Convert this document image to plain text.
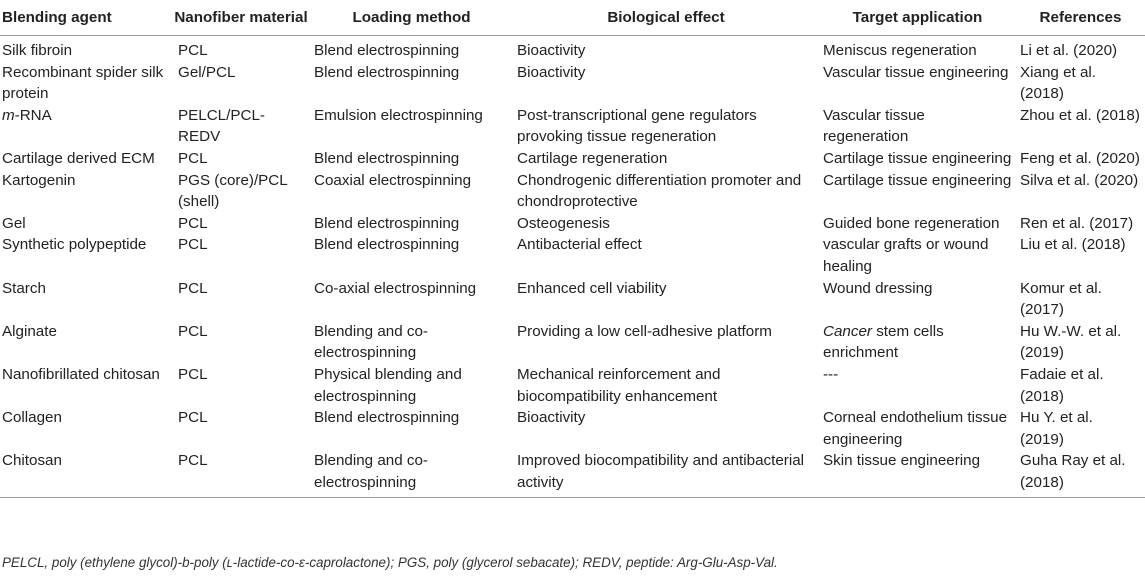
Blending agent	Nanofiber material	Loading method	Biological effect	Target application	References
Silk fibroin	PCL	Blend electrospinning	Bioactivity	Meniscus regeneration	Li et al. (2020)
Recombinant spider silk protein	Gel/PCL	Blend electrospinning	Bioactivity	Vascular tissue engineering	Xiang et al. (2018)
m-RNA	PELCL/PCL-REDV	Emulsion electrospinning	Post-transcriptional gene regulators provoking tissue regeneration	Vascular tissue regeneration	Zhou et al. (2018)
Cartilage derived ECM	PCL	Blend electrospinning	Cartilage regeneration	Cartilage tissue engineering	Feng et al. (2020)
Kartogenin	PGS (core)/PCL (shell)	Coaxial electrospinning	Chondrogenic differentiation promoter and chondroprotective	Cartilage tissue engineering	Silva et al. (2020)
Gel	PCL	Blend electrospinning	Osteogenesis	Guided bone regeneration	Ren et al. (2017)
Synthetic polypeptide	PCL	Blend electrospinning	Antibacterial effect	vascular grafts or wound healing	Liu et al. (2018)
Starch	PCL	Co-axial electrospinning	Enhanced cell viability	Wound dressing	Komur et al. (2017)
Alginate	PCL	Blending and co-electrospinning	Providing a low cell-adhesive platform	Cancer stem cells enrichment	Hu W.-W. et al. (2019)
Nanofibrillated chitosan	PCL	Physical blending and electrospinning	Mechanical reinforcement and biocompatibility enhancement	---	Fadaie et al. (2018)
Collagen	PCL	Blend electrospinning	Bioactivity	Corneal endothelium tissue engineering	Hu Y. et al. (2019)
Chitosan	PCL	Blending and co-electrospinning	Improved biocompatibility and antibacterial activity	Skin tissue engineering	Guha Ray et al. (2018)
PELCL, poly (ethylene glycol)-b-poly (ʟ-lactide-co-ε-caprolactone); PGS, poly (glycerol sebacate); REDV, peptide: Arg-Glu-Asp-Val.
